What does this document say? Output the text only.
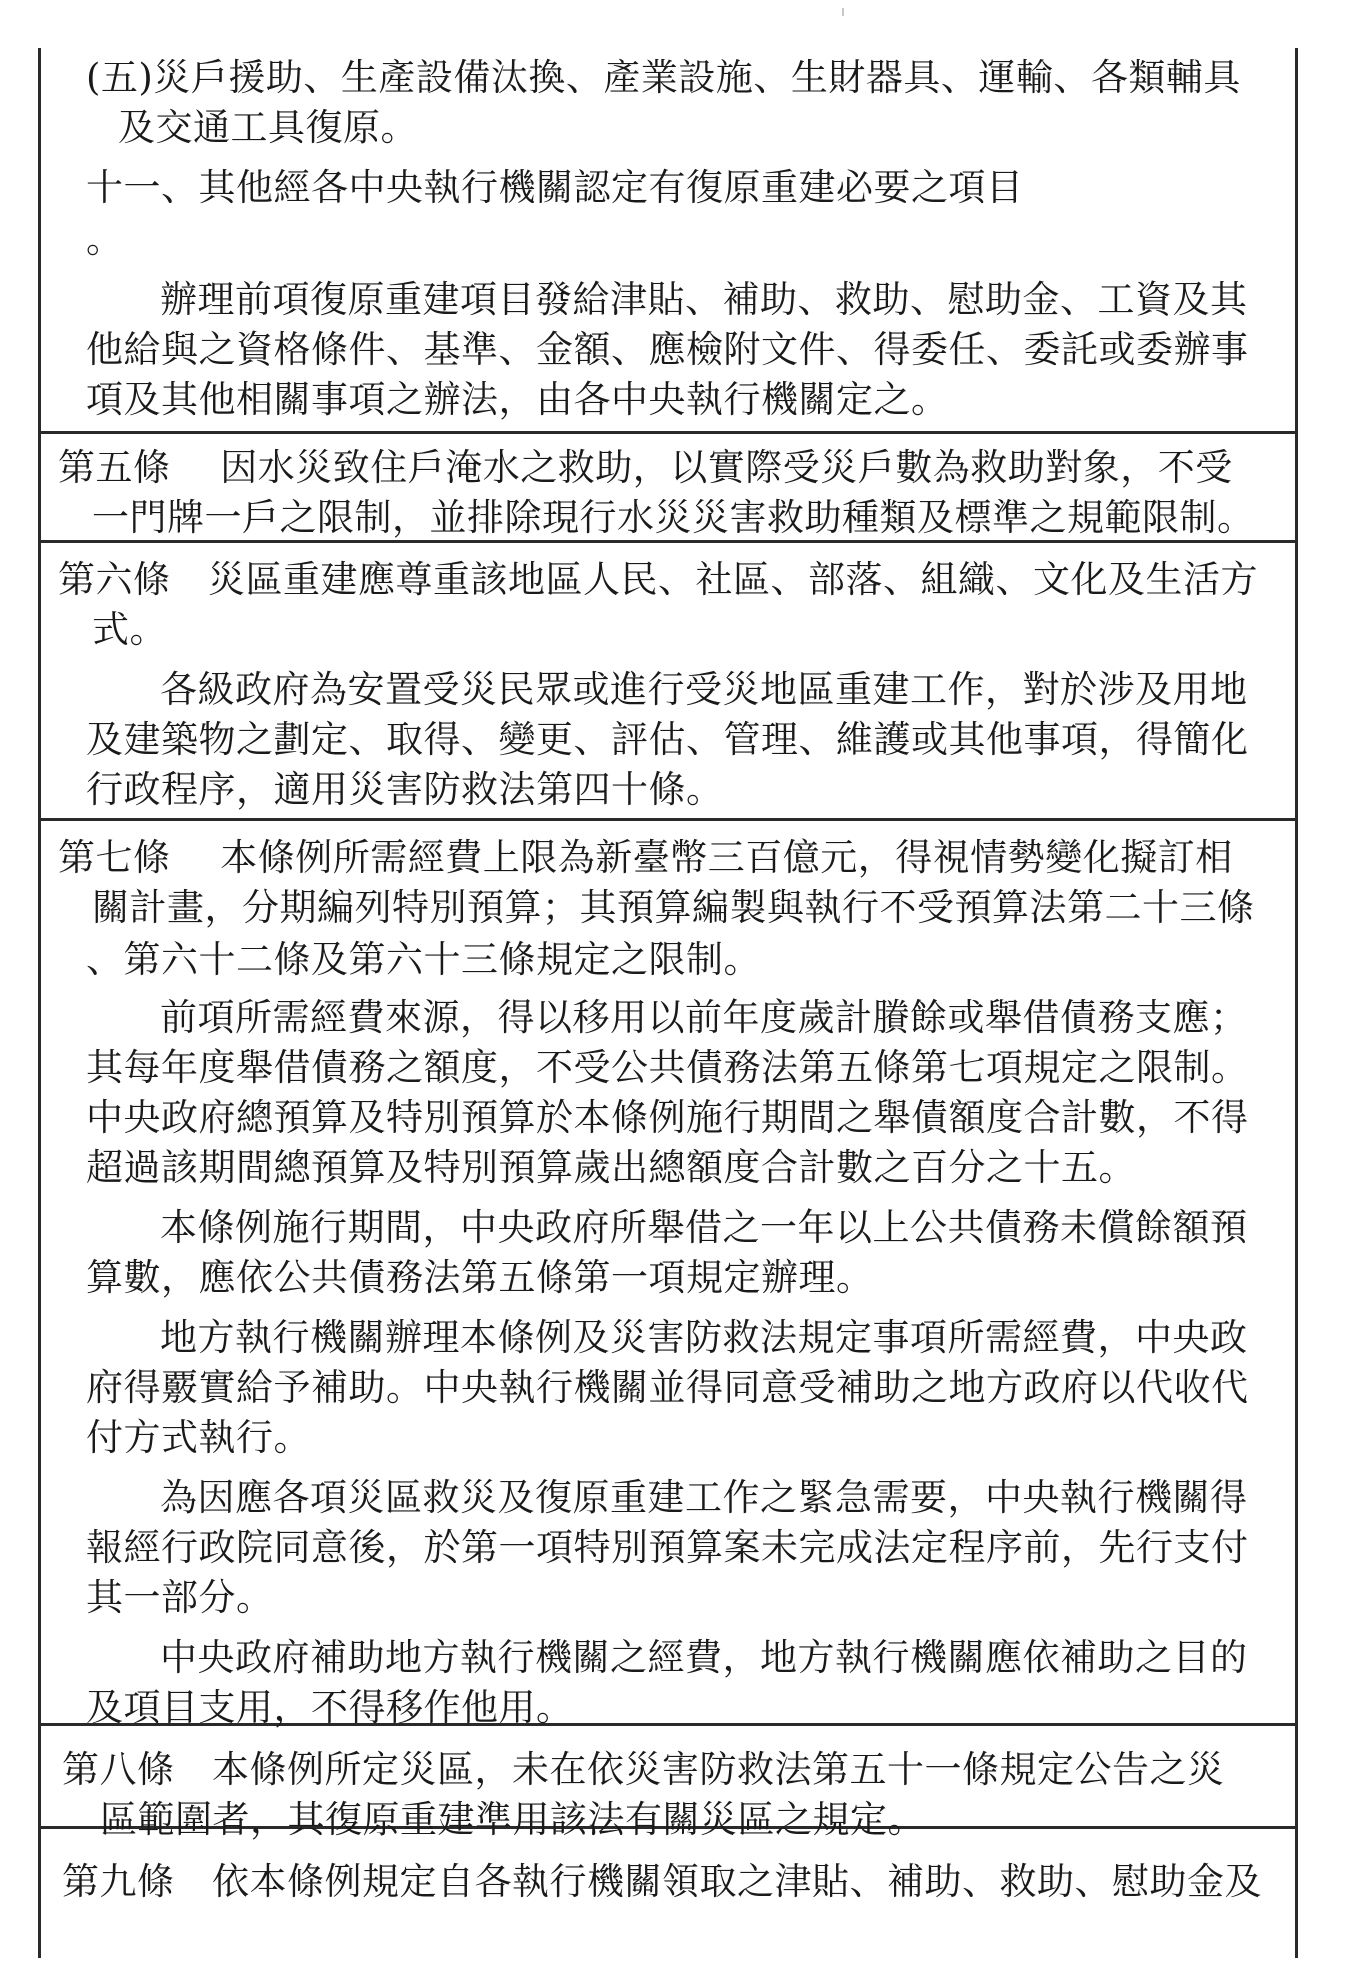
(五)災戶援助、生產設備汰換、產業設施、生財器具、運輸、各類輔具
及交通工具復原。
十一、其他經各中央執行機關認定有復原重建必要之項目
。
辦理前項復原重建項目發給津貼、補助、救助、慰助金、工資及其
他給與之資格條件、基準、金額、應檢附文件、得委任、委託或委辦事
項及其他相關事項之辦法，由各中央執行機關定之。
第五條　 因水災致住戶淹水之救助，以實際受災戶數為救助對象，不受
一門牌一戶之限制，並排除現行水災災害救助種類及標準之規範限制。
第六條　災區重建應尊重該地區人民、社區、部落、組織、文化及生活方
式。
各級政府為安置受災民眾或進行受災地區重建工作，對於涉及用地
及建築物之劃定、取得、變更、評估、管理、維護或其他事項，得簡化
行政程序，適用災害防救法第四十條。
第七條　 本條例所需經費上限為新臺幣三百億元，得視情勢變化擬訂相
關計畫，分期編列特別預算；其預算編製與執行不受預算法第二十三條
、第六十二條及第六十三條規定之限制。
前項所需經費來源，得以移用以前年度歲計賸餘或舉借債務支應；
其每年度舉借債務之額度，不受公共債務法第五條第七項規定之限制。
中央政府總預算及特別預算於本條例施行期間之舉債額度合計數，不得
超過該期間總預算及特別預算歲出總額度合計數之百分之十五。
本條例施行期間，中央政府所舉借之一年以上公共債務未償餘額預
算數，應依公共債務法第五條第一項規定辦理。
地方執行機關辦理本條例及災害防救法規定事項所需經費，中央政
府得覈實給予補助。中央執行機關並得同意受補助之地方政府以代收代
付方式執行。
為因應各項災區救災及復原重建工作之緊急需要，中央執行機關得
報經行政院同意後，於第一項特別預算案未完成法定程序前，先行支付
其一部分。
中央政府補助地方執行機關之經費，地方執行機關應依補助之目的
及項目支用，不得移作他用。
第八條　本條例所定災區，未在依災害防救法第五十一條規定公告之災
區範圍者，其復原重建準用該法有關災區之規定。
第九條　依本條例規定自各執行機關領取之津貼、補助、救助、慰助金及
